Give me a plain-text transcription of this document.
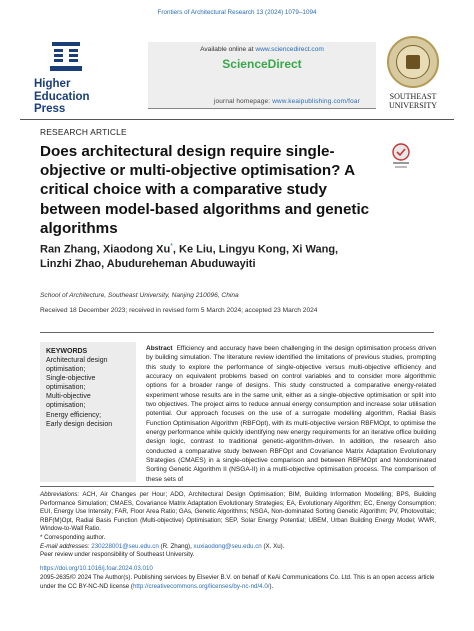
Frontiers of Architectural Research 13 (2024) 1079–1094
Higher
Education
Press
Available online at www.sciencedirect.com
ScienceDirect
journal homepage: www.keaipublishing.com/foar
SOUTHEAST
UNIVERSITY
RESEARCH ARTICLE
Does architectural design require single-objective or multi-objective optimisation? A critical choice with a comparative study between model-based algorithms and genetic algorithms
Ran Zhang, Xiaodong Xu*, Ke Liu, Lingyu Kong, Xi Wang,
Linzhi Zhao, Abudureheman Abuduwayiti
School of Architecture, Southeast University, Nanjing 210096, China
Received 18 December 2023; received in revised form 5 March 2024; accepted 23 March 2024
KEYWORDS
Architectural design
optimisation;
Single-objective
optimisation;
Multi-objective
optimisation;
Energy efficiency;
Early design decision
Abstract Efficiency and accuracy have been challenging in the design optimisation process driven by building simulation. The literature review identified the limitations of previous studies, prompting this study to explore the performance of single-objective versus multi-objective efficiency and accuracy on equivalent problems based on control variables and to consider more algorithmic options for a broader range of designs. This study constructed a comparative energy-related experiment whose results are in the same unit, either as a single-objective optimisation or split into two objectives. The project aims to reduce annual energy consumption and increase solar utilisation potential. Our approach focuses on the use of a surrogate modelling algorithm, Radial Basis Function Optimisation Algorithm (RBFOpt), with its multi-objective version RBFMOpt, to optimise the energy performance while quickly identifying new energy requirements for an iterative office building design logic, contrast to traditional genetic-algorithm-driven. In addition, the research also conducted a comparative study between RBFOpt and Covariance Matrix Adaptation Evolutionary Strategies (CMAES) in a single-objective comparison and between RBFMOpt and Nondominated Sorting Genetic Algorithm II (NSGA-II) in a multi-objective optimisation process. The comparison of these sets of
Abbreviations: ACH, Air Changes per Hour; ADO, Architectural Design Optimisation; BIM, Building Information Modelling; BPS, Building Performance Simulation; CMAES, Covariance Matrix Adaptation Evolutionary Strategies; EA, Evolutionary Algorithm; EC, Energy Consumption; EUI, Energy Use Intensity; FAR, Floor Area Ratio; GAs, Genetic Algorithms; NSGA, Non-dominated Sorting Genetic Algorithm; PV, Photovoltaic; RBF(M)Opt, Radial Basis Function (Multi-objective) Optimisation; SEP, Solar Energy Potential; UBEM, Urban Building Energy Model; WWR, Window-to-Wall Ratio.
* Corresponding author.
E-mail addresses: 230228001@seu.edu.cn (R. Zhang), xuxiaodong@seu.edu.cn (X. Xu).
Peer review under responsibility of Southeast University.
https://doi.org/10.1016/j.foar.2024.03.010
2095-2635/© 2024 The Author(s). Publishing services by Elsevier B.V. on behalf of KeAi Communications Co. Ltd. This is an open access article under the CC BY-NC-ND license (http://creativecommons.org/licenses/by-nc-nd/4.0/).
